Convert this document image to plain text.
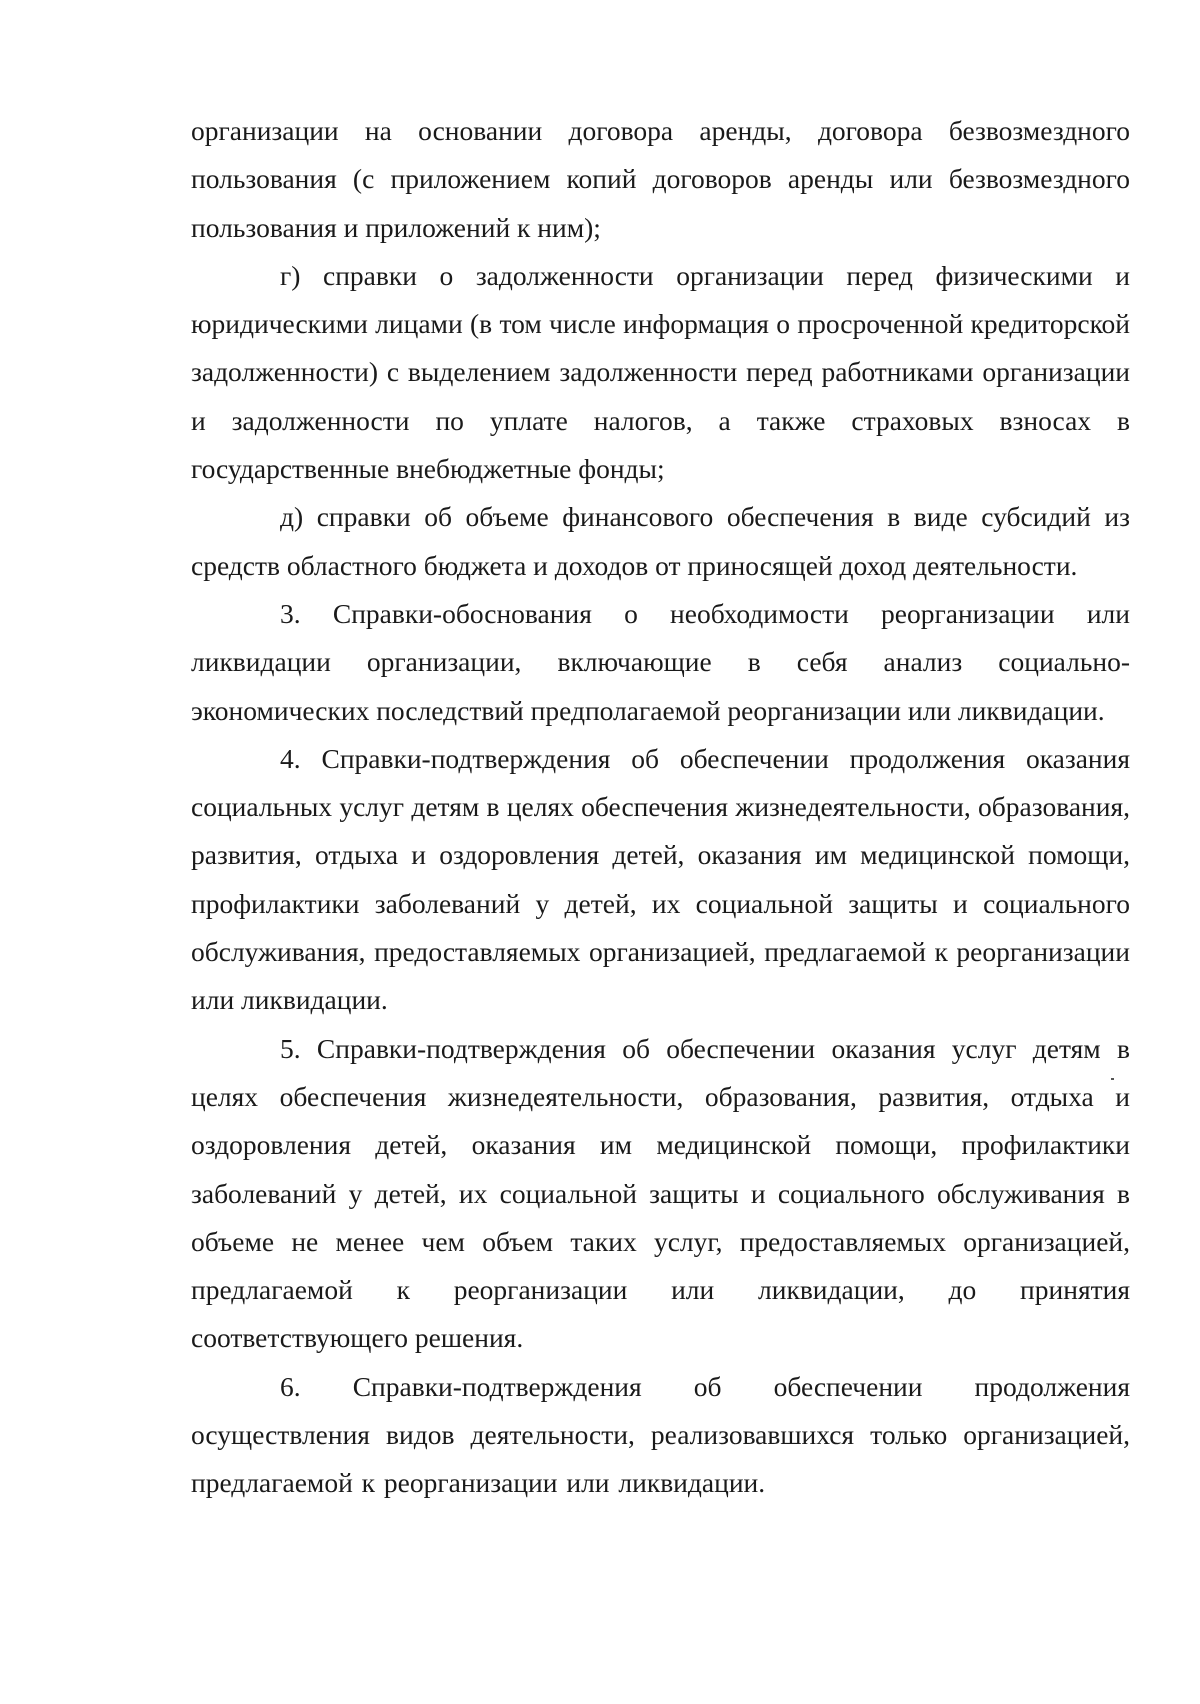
организации на основании договора аренды, договора безвозмездного пользования (с приложением копий договоров аренды или безвозмездного пользования и приложений к ним);

г) справки о задолженности организации перед физическими и юридическими лицами (в том числе информация о просроченной кредиторской задолженности) с выделением задолженности перед работниками организации и задолженности по уплате налогов, а также страховых взносах в государственные внебюджетные фонды;

д) справки об объеме финансового обеспечения в виде субсидий из средств областного бюджета и доходов от приносящей доход деятельности.

3. Справки-обоснования о необходимости реорганизации или ликвидации организации, включающие в себя анализ социально-экономических последствий предполагаемой реорганизации или ликвидации.

4. Справки-подтверждения об обеспечении продолжения оказания социальных услуг детям в целях обеспечения жизнедеятельности, образования, развития, отдыха и оздоровления детей, оказания им медицинской помощи, профилактики заболеваний у детей, их социальной защиты и социального обслуживания, предоставляемых организацией, предлагаемой к реорганизации или ликвидации.

5. Справки-подтверждения об обеспечении оказания услуг детям в целях обеспечения жизнедеятельности, образования, развития, отдыха и оздоровления детей, оказания им медицинской помощи, профилактики заболеваний у детей, их социальной защиты и социального обслуживания в объеме не менее чем объем таких услуг, предоставляемых организацией, предлагаемой к реорганизации или ликвидации, до принятия соответствующего решения.

6. Справки-подтверждения об обеспечении продолжения осуществления видов деятельности, реализовавшихся только организацией, предлагаемой к реорганизации или ликвидации.
